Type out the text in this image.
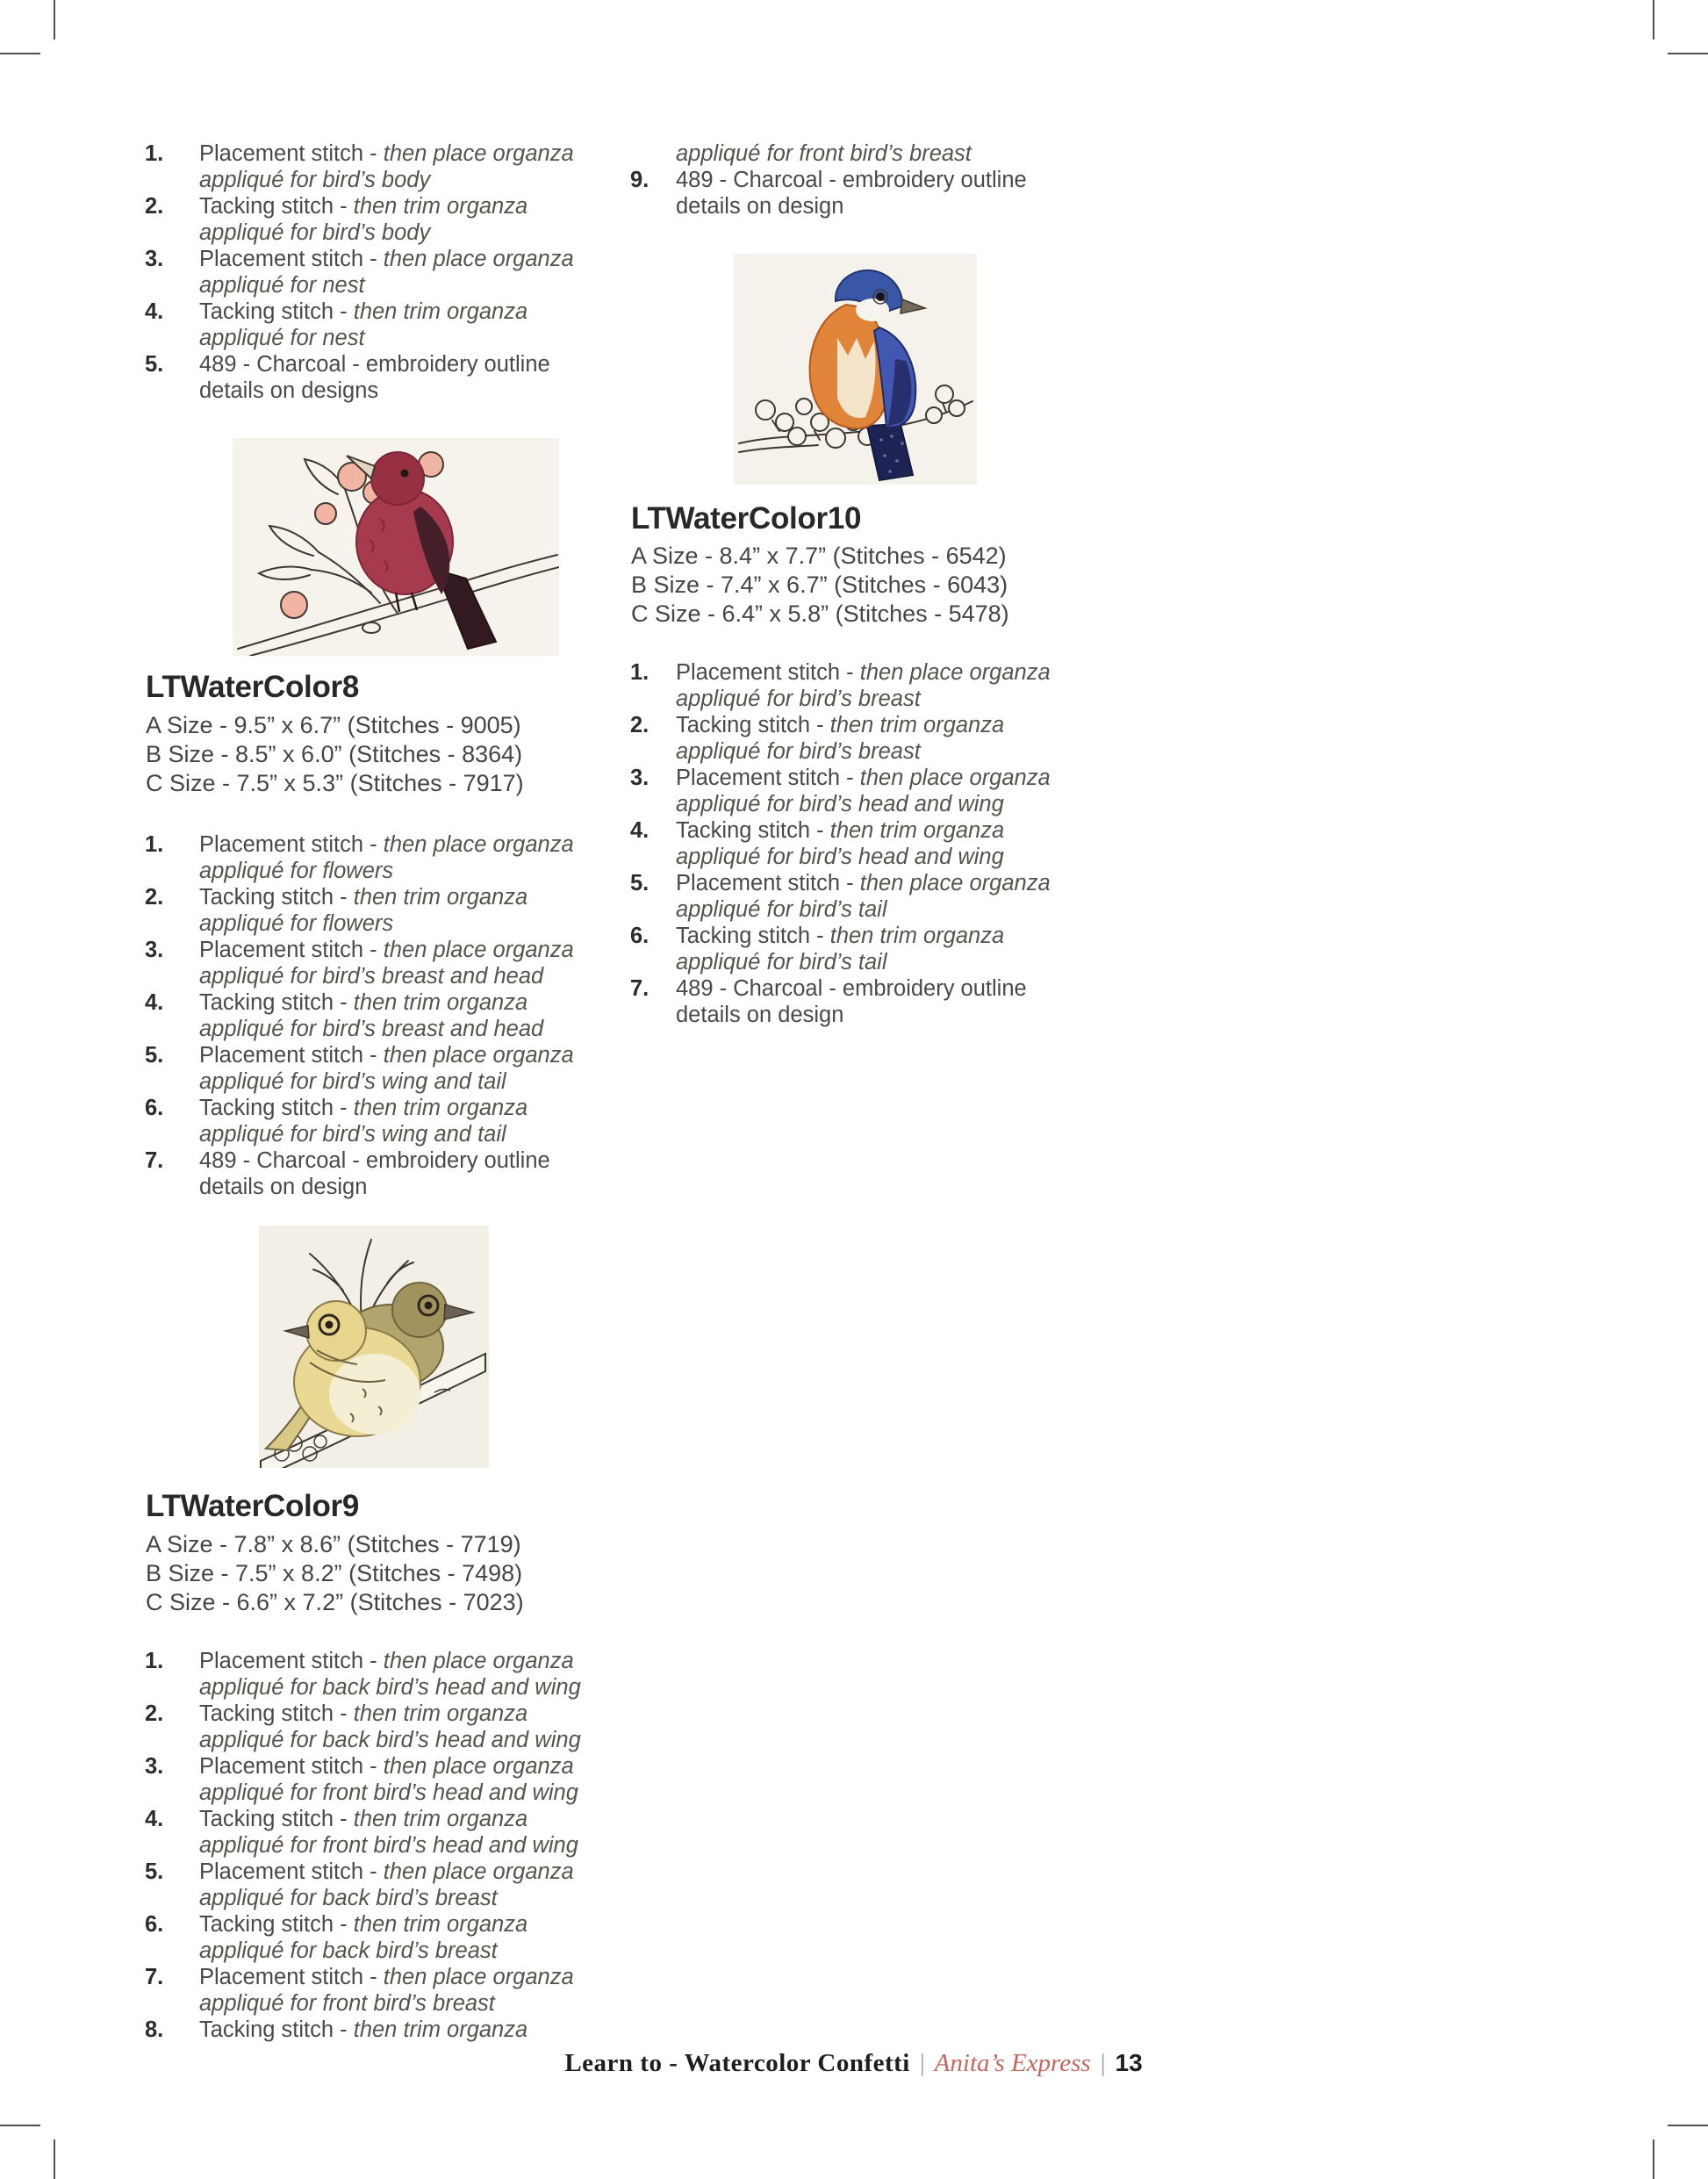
1.	Placement stitch - then place organza
appliqué for bird’s body
2.	Tacking stitch - then trim organza
appliqué for bird’s body
3.	Placement stitch - then place organza
appliqué for nest
4.	Tacking stitch - then trim organza
appliqué for nest
5.	489 - Charcoal - embroidery outline
details on designs
LTWaterColor8
A Size - 9.5” x 6.7” (Stitches - 9005)
B Size - 8.5” x 6.0” (Stitches - 8364)
C Size - 7.5” x 5.3” (Stitches - 7917)
1.	Placement stitch - then place organza
appliqué for flowers
2.	Tacking stitch - then trim organza
appliqué for flowers
3.	Placement stitch - then place organza
appliqué for bird’s breast and head
4.	Tacking stitch - then trim organza
appliqué for bird’s breast and head
5.	Placement stitch - then place organza
appliqué for bird’s wing and tail
6.	Tacking stitch - then trim organza
appliqué for bird’s wing and tail
7.	489 - Charcoal - embroidery outline
details on design
LTWaterColor9
A Size - 7.8” x 8.6” (Stitches - 7719)
B Size - 7.5” x 8.2” (Stitches - 7498)
C Size - 6.6” x 7.2” (Stitches - 7023)
1.	Placement stitch - then place organza
appliqué for back bird’s head and wing
2.	Tacking stitch - then trim organza
appliqué for back bird’s head and wing
3.	Placement stitch - then place organza
appliqué for front bird’s head and wing
4.	Tacking stitch - then trim organza
appliqué for front bird’s head and wing
5.	Placement stitch - then place organza
appliqué for back bird’s breast
6.	Tacking stitch - then trim organza
appliqué for back bird’s breast
7.	Placement stitch - then place organza
appliqué for front bird’s breast
8.	Tacking stitch - then trim organza
appliqué for front bird’s breast
9.	489 - Charcoal - embroidery outline
details on design
LTWaterColor10
A Size - 8.4” x 7.7” (Stitches - 6542)
B Size - 7.4” x 6.7” (Stitches - 6043)
C Size - 6.4” x 5.8” (Stitches - 5478)
1.	Placement stitch - then place organza
appliqué for bird’s breast
2.	Tacking stitch - then trim organza
appliqué for bird’s breast
3.	Placement stitch - then place organza
appliqué for bird’s head and wing
4.	Tacking stitch - then trim organza
appliqué for bird’s head and wing
5.	Placement stitch - then place organza
appliqué for bird’s tail
6.	Tacking stitch - then trim organza
appliqué for bird’s tail
7.	489 - Charcoal - embroidery outline
details on design
Learn to - Watercolor Confetti | Anita’s Express | 13
